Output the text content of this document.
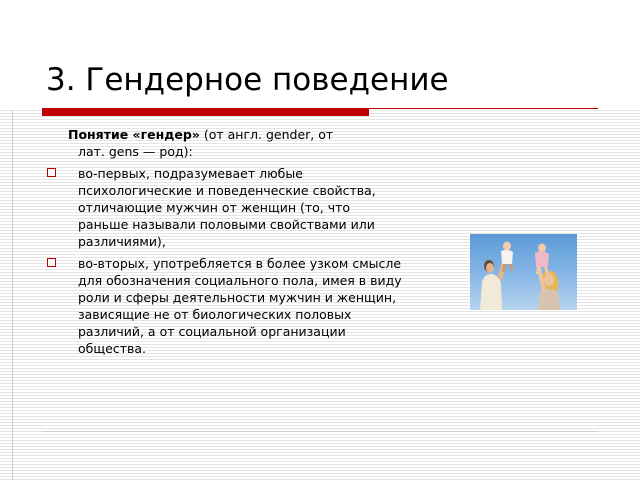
3. Гендерное поведение
Понятие «гендер» (от англ. gender, от
лат. gens — род):
во-первых, подразумевает любые психологические и поведенческие свойства, отличающие мужчин от женщин (то, что раньше называли половыми свойствами или различиями),
во-вторых, употребляется в более узком смысле для обозначения социального пола, имея в виду роли и сферы деятельности мужчин и женщин, зависящие не от биологических половых различий, а от социальной организации общества.
